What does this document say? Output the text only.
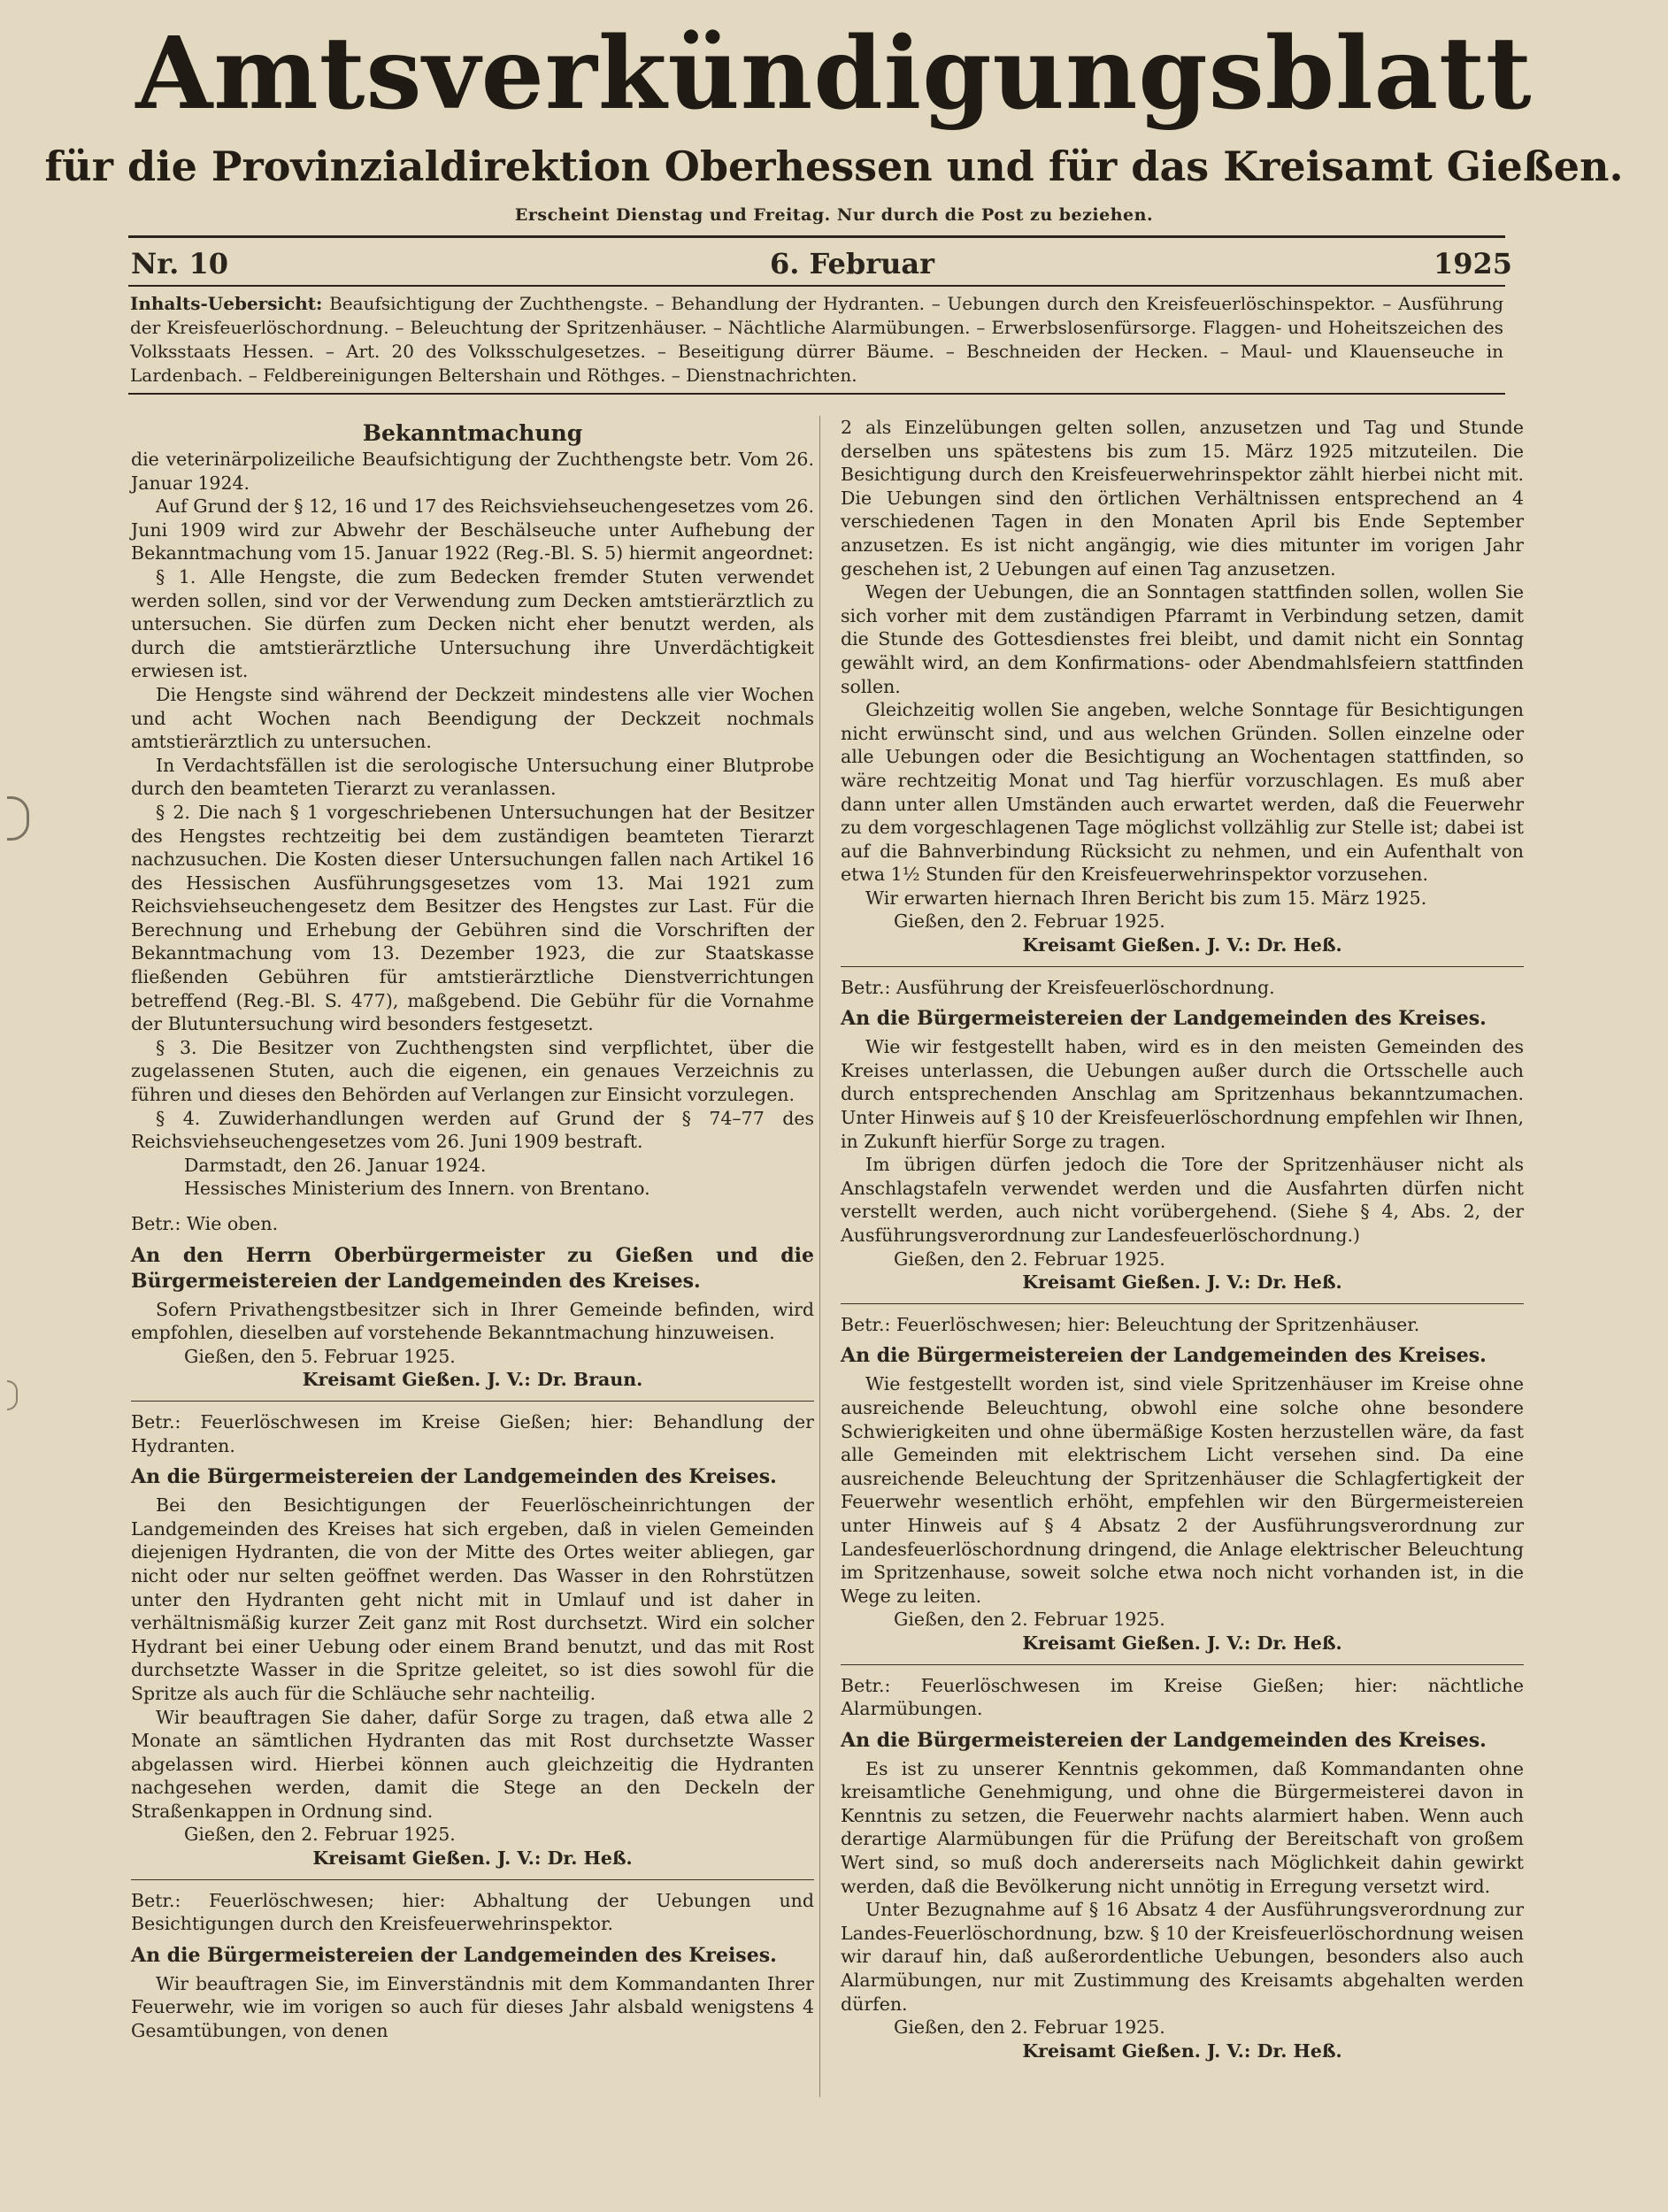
Amtsverkündigungsblatt
für die Provinzialdirektion Oberhessen und für das Kreisamt Gießen.
Erscheint Dienstag und Freitag. Nur durch die Post zu beziehen.
Nr. 10	6. Februar	1925
Inhalts-Uebersicht: Beaufsichtigung der Zuchthengste. – Behandlung der Hydranten. – Uebungen durch den Kreisfeuerlöschinspektor. – Ausführung der Kreisfeuerlöschordnung. – Beleuchtung der Spritzenhäuser. – Nächtliche Alarmübungen. – Erwerbslosenfürsorge. Flaggen- und Hoheitszeichen des Volksstaats Hessen. – Art. 20 des Volksschulgesetzes. – Beseitigung dürrer Bäume. – Beschneiden der Hecken. – Maul- und Klauenseuche in Lardenbach. – Feldbereinigungen Beltershain und Röthges. – Dienstnachrichten.
Bekanntmachung

die veterinärpolizeiliche Beaufsichtigung der Zuchthengste betr. Vom 26. Januar 1924.

Auf Grund der § 12, 16 und 17 des Reichsviehseuchengesetzes vom 26. Juni 1909 wird zur Abwehr der Beschälseuche unter Aufhebung der Bekanntmachung vom 15. Januar 1922 (Reg.-Bl. S. 5) hiermit angeordnet:

§ 1. Alle Hengste, die zum Bedecken fremder Stuten verwendet werden sollen, sind vor der Verwendung zum Decken amtstierärztlich zu untersuchen. Sie dürfen zum Decken nicht eher benutzt werden, als durch die amtstierärztliche Untersuchung ihre Unverdächtigkeit erwiesen ist.

Die Hengste sind während der Deckzeit mindestens alle vier Wochen und acht Wochen nach Beendigung der Deckzeit nochmals amtstierärztlich zu untersuchen.

In Verdachtsfällen ist die serologische Untersuchung einer Blutprobe durch den beamteten Tierarzt zu veranlassen.

§ 2. Die nach § 1 vorgeschriebenen Untersuchungen hat der Besitzer des Hengstes rechtzeitig bei dem zuständigen beamteten Tierarzt nachzusuchen. Die Kosten dieser Untersuchungen fallen nach Artikel 16 des Hessischen Ausführungsgesetzes vom 13. Mai 1921 zum Reichsviehseuchengesetz dem Besitzer des Hengstes zur Last. Für die Berechnung und Erhebung der Gebühren sind die Vorschriften der Bekanntmachung vom 13. Dezember 1923, die zur Staatskasse fließenden Gebühren für amtstierärztliche Dienstverrichtungen betreffend (Reg.-Bl. S. 477), maßgebend. Die Gebühr für die Vornahme der Blutuntersuchung wird besonders festgesetzt.

§ 3. Die Besitzer von Zuchthengsten sind verpflichtet, über die zugelassenen Stuten, auch die eigenen, ein genaues Verzeichnis zu führen und dieses den Behörden auf Verlangen zur Einsicht vorzulegen.

§ 4. Zuwiderhandlungen werden auf Grund der § 74–77 des Reichsviehseuchengesetzes vom 26. Juni 1909 bestraft.

Darmstadt, den 26. Januar 1924.

Hessisches Ministerium des Innern. von Brentano.

Betr.: Wie oben.

An den Herrn Oberbürgermeister zu Gießen und die Bürgermeistereien der Landgemeinden des Kreises.

Sofern Privathengstbesitzer sich in Ihrer Gemeinde befinden, wird empfohlen, dieselben auf vorstehende Bekanntmachung hinzuweisen.

Gießen, den 5. Februar 1925.

Kreisamt Gießen. J. V.: Dr. Braun.

Betr.: Feuerlöschwesen im Kreise Gießen; hier: Behandlung der Hydranten.

An die Bürgermeistereien der Landgemeinden des Kreises.

Bei den Besichtigungen der Feuerlöscheinrichtungen der Landgemeinden des Kreises hat sich ergeben, daß in vielen Gemeinden diejenigen Hydranten, die von der Mitte des Ortes weiter abliegen, gar nicht oder nur selten geöffnet werden. Das Wasser in den Rohrstützen unter den Hydranten geht nicht mit in Umlauf und ist daher in verhältnismäßig kurzer Zeit ganz mit Rost durchsetzt. Wird ein solcher Hydrant bei einer Uebung oder einem Brand benutzt, und das mit Rost durchsetzte Wasser in die Spritze geleitet, so ist dies sowohl für die Spritze als auch für die Schläuche sehr nachteilig.

Wir beauftragen Sie daher, dafür Sorge zu tragen, daß etwa alle 2 Monate an sämtlichen Hydranten das mit Rost durchsetzte Wasser abgelassen wird. Hierbei können auch gleichzeitig die Hydranten nachgesehen werden, damit die Stege an den Deckeln der Straßenkappen in Ordnung sind.

Gießen, den 2. Februar 1925.

Kreisamt Gießen. J. V.: Dr. Heß.

Betr.: Feuerlöschwesen; hier: Abhaltung der Uebungen und Besichtigungen durch den Kreisfeuerwehrinspektor.

An die Bürgermeistereien der Landgemeinden des Kreises.

Wir beauftragen Sie, im Einverständnis mit dem Kommandanten Ihrer Feuerwehr, wie im vorigen so auch für dieses Jahr alsbald wenigstens 4 Gesamtübungen, von denen

2 als Einzelübungen gelten sollen, anzusetzen und Tag und Stunde derselben uns spätestens bis zum 15. März 1925 mitzuteilen. Die Besichtigung durch den Kreisfeuerwehrinspektor zählt hierbei nicht mit. Die Uebungen sind den örtlichen Verhältnissen entsprechend an 4 verschiedenen Tagen in den Monaten April bis Ende September anzusetzen. Es ist nicht angängig, wie dies mitunter im vorigen Jahr geschehen ist, 2 Uebungen auf einen Tag anzusetzen.

Wegen der Uebungen, die an Sonntagen stattfinden sollen, wollen Sie sich vorher mit dem zuständigen Pfarramt in Verbindung setzen, damit die Stunde des Gottesdienstes frei bleibt, und damit nicht ein Sonntag gewählt wird, an dem Konfirmations- oder Abendmahlsfeiern stattfinden sollen.

Gleichzeitig wollen Sie angeben, welche Sonntage für Besichtigungen nicht erwünscht sind, und aus welchen Gründen. Sollen einzelne oder alle Uebungen oder die Besichtigung an Wochentagen stattfinden, so wäre rechtzeitig Monat und Tag hierfür vorzuschlagen. Es muß aber dann unter allen Umständen auch erwartet werden, daß die Feuerwehr zu dem vorgeschlagenen Tage möglichst vollzählig zur Stelle ist; dabei ist auf die Bahnverbindung Rücksicht zu nehmen, und ein Aufenthalt von etwa 1½ Stunden für den Kreisfeuerwehrinspektor vorzusehen.

Wir erwarten hiernach Ihren Bericht bis zum 15. März 1925.

Gießen, den 2. Februar 1925.

Kreisamt Gießen. J. V.: Dr. Heß.

Betr.: Ausführung der Kreisfeuerlöschordnung.

An die Bürgermeistereien der Landgemeinden des Kreises.

Wie wir festgestellt haben, wird es in den meisten Gemeinden des Kreises unterlassen, die Uebungen außer durch die Ortsschelle auch durch entsprechenden Anschlag am Spritzenhaus bekanntzumachen. Unter Hinweis auf § 10 der Kreisfeuerlöschordnung empfehlen wir Ihnen, in Zukunft hierfür Sorge zu tragen.

Im übrigen dürfen jedoch die Tore der Spritzenhäuser nicht als Anschlagstafeln verwendet werden und die Ausfahrten dürfen nicht verstellt werden, auch nicht vorübergehend. (Siehe § 4, Abs. 2, der Ausführungsverordnung zur Landesfeuerlöschordnung.)

Gießen, den 2. Februar 1925.

Kreisamt Gießen. J. V.: Dr. Heß.

Betr.: Feuerlöschwesen; hier: Beleuchtung der Spritzenhäuser.

An die Bürgermeistereien der Landgemeinden des Kreises.

Wie festgestellt worden ist, sind viele Spritzenhäuser im Kreise ohne ausreichende Beleuchtung, obwohl eine solche ohne besondere Schwierigkeiten und ohne übermäßige Kosten herzustellen wäre, da fast alle Gemeinden mit elektrischem Licht versehen sind. Da eine ausreichende Beleuchtung der Spritzenhäuser die Schlagfertigkeit der Feuerwehr wesentlich erhöht, empfehlen wir den Bürgermeistereien unter Hinweis auf § 4 Absatz 2 der Ausführungsverordnung zur Landesfeuerlöschordnung dringend, die Anlage elektrischer Beleuchtung im Spritzenhause, soweit solche etwa noch nicht vorhanden ist, in die Wege zu leiten.

Gießen, den 2. Februar 1925.

Kreisamt Gießen. J. V.: Dr. Heß.

Betr.: Feuerlöschwesen im Kreise Gießen; hier: nächtliche Alarmübungen.

An die Bürgermeistereien der Landgemeinden des Kreises.

Es ist zu unserer Kenntnis gekommen, daß Kommandanten ohne kreisamtliche Genehmigung, und ohne die Bürgermeisterei davon in Kenntnis zu setzen, die Feuerwehr nachts alarmiert haben. Wenn auch derartige Alarmübungen für die Prüfung der Bereitschaft von großem Wert sind, so muß doch andererseits nach Möglichkeit dahin gewirkt werden, daß die Bevölkerung nicht unnötig in Erregung versetzt wird.

Unter Bezugnahme auf § 16 Absatz 4 der Ausführungsverordnung zur Landes-Feuerlöschordnung, bzw. § 10 der Kreisfeuerlöschordnung weisen wir darauf hin, daß außerordentliche Uebungen, besonders also auch Alarmübungen, nur mit Zustimmung des Kreisamts abgehalten werden dürfen.

Gießen, den 2. Februar 1925.

Kreisamt Gießen. J. V.: Dr. Heß.
